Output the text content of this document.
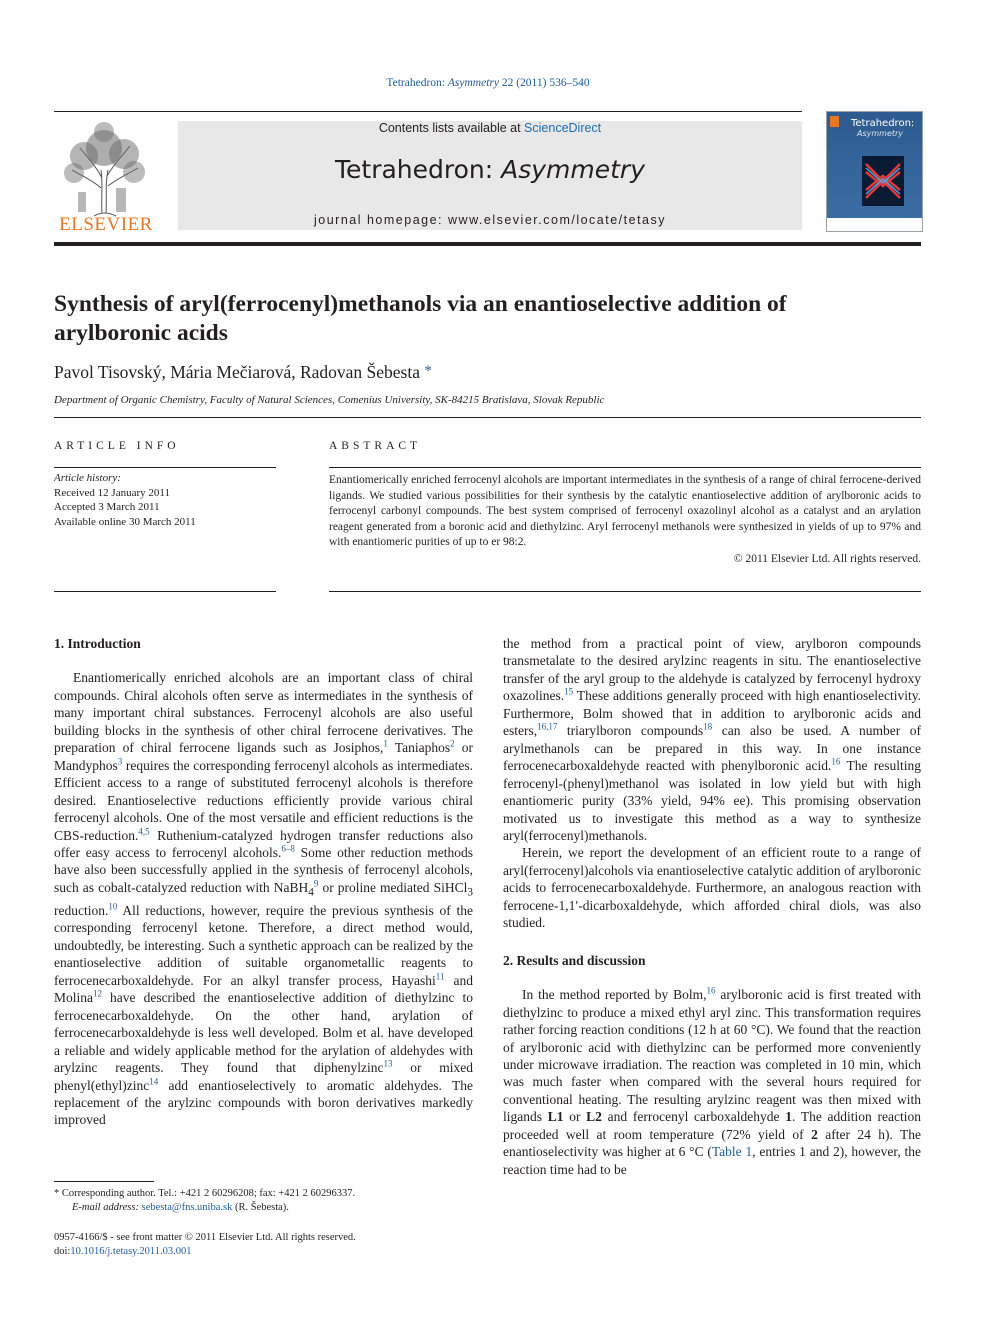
Tetrahedron: Asymmetry 22 (2011) 536–540
ELSEVIER
Contents lists available at ScienceDirect
Tetrahedron: Asymmetry
journal homepage: www.elsevier.com/locate/tetasy
Tetrahedron:
Asymmetry
Synthesis of aryl(ferrocenyl)methanols via an enantioselective addition of arylboronic acids
Pavol Tisovský, Mária Mečiarová, Radovan Šebesta *
Department of Organic Chemistry, Faculty of Natural Sciences, Comenius University, SK-84215 Bratislava, Slovak Republic
ARTICLE INFO	ABSTRACT
Article history:
Received 12 January 2011
Accepted 3 March 2011
Available online 30 March 2011
Enantiomerically enriched ferrocenyl alcohols are important intermediates in the synthesis of a range of chiral ferrocene-derived ligands. We studied various possibilities for their synthesis by the catalytic enantioselective addition of arylboronic acids to ferrocenyl carbonyl compounds. The best system comprised of ferrocenyl oxazolinyl alcohol as a catalyst and an arylation reagent generated from a boronic acid and diethylzinc. Aryl ferrocenyl methanols were synthesized in yields of up to 97% and with enantiomeric purities of up to er 98:2.
© 2011 Elsevier Ltd. All rights reserved.
1. Introduction

Enantiomerically enriched alcohols are an important class of chiral compounds. Chiral alcohols often serve as intermediates in the synthesis of many important chiral substances. Ferrocenyl alcohols are also useful building blocks in the synthesis of other chiral ferrocene derivatives. The preparation of chiral ferrocene ligands such as Josiphos,$^1$ Taniaphos$^2$ or Mandyphos$^3$ requires the corresponding ferrocenyl alcohols as intermediates. Efficient access to a range of substituted ferrocenyl alcohols is therefore desired. Enantioselective reductions efficiently provide various chiral ferrocenyl alcohols. One of the most versatile and efficient reductions is the CBS-reduction.$^{4,5}$ Ruthenium-catalyzed hydrogen transfer reductions also offer easy access to ferrocenyl alcohols.$^{6-8}$ Some other reduction methods have also been successfully applied in the synthesis of ferrocenyl alcohols, such as cobalt-catalyzed reduction with NaBH$_4^9$ or proline mediated SiHCl$_3$ reduction.$^{10}$ All reductions, however, require the previous synthesis of the corresponding ferrocenyl ketone. Therefore, a direct method would, undoubtedly, be interesting. Such a synthetic approach can be realized by the enantioselective addition of suitable organometallic reagents to ferrocenecarboxaldehyde. For an alkyl transfer process, Hayashi$^{11}$ and Molina$^{12}$ have described the enantioselective addition of diethylzinc to ferrocenecarboxaldehyde. On the other hand, arylation of ferrocenecarboxaldehyde is less well developed. Bolm et al. have developed a reliable and widely applicable method for the arylation of aldehydes with arylzinc reagents. They found that diphenylzinc$^{13}$ or mixed phenyl(ethyl)zinc$^{14}$ add enantioselectively to aromatic aldehydes. The replacement of the arylzinc compounds with boron derivatives markedly improved

the method from a practical point of view, arylboron compounds transmetalate to the desired arylzinc reagents in situ. The enantioselective transfer of the aryl group to the aldehyde is catalyzed by ferrocenyl hydroxy oxazolines.$^{15}$ These additions generally proceed with high enantioselectivity. Furthermore, Bolm showed that in addition to arylboronic acids and esters,$^{16,17}$ triarylboron compounds$^{18}$ can also be used. A number of arylmethanols can be prepared in this way. In one instance ferrocenecarboxaldehyde reacted with phenylboronic acid.$^{16}$ The resulting ferrocenyl-(phenyl)methanol was isolated in low yield but with high enantiomeric purity (33% yield, 94% ee). This promising observation motivated us to investigate this method as a way to synthesize aryl(ferrocenyl)methanols.

Herein, we report the development of an efficient route to a range of aryl(ferrocenyl)alcohols via enantioselective catalytic addition of arylboronic acids to ferrocenecarboxaldehyde. Furthermore, an analogous reaction with ferrocene-1,1′-dicarboxaldehyde, which afforded chiral diols, was also studied.

2. Results and discussion

In the method reported by Bolm,$^{16}$ arylboronic acid is first treated with diethylzinc to produce a mixed ethyl aryl zinc. This transformation requires rather forcing reaction conditions (12 h at 60 °C). We found that the reaction of arylboronic acid with diethylzinc can be performed more conveniently under microwave irradiation. The reaction was completed in 10 min, which was much faster when compared with the several hours required for conventional heating. The resulting arylzinc reagent was then mixed with ligands L1 or L2 and ferrocenyl carboxaldehyde 1. The addition reaction proceeded well at room temperature (72% yield of 2 after 24 h). The enantioselectivity was higher at 6 °C (Table 1, entries 1 and 2), however, the reaction time had to be

* Corresponding author. Tel.: +421 2 60296208; fax: +421 2 60296337.
E-mail address: sebesta@fns.uniba.sk (R. Šebesta).
0957-4166/$ - see front matter © 2011 Elsevier Ltd. All rights reserved.
doi:10.1016/j.tetasy.2011.03.001
